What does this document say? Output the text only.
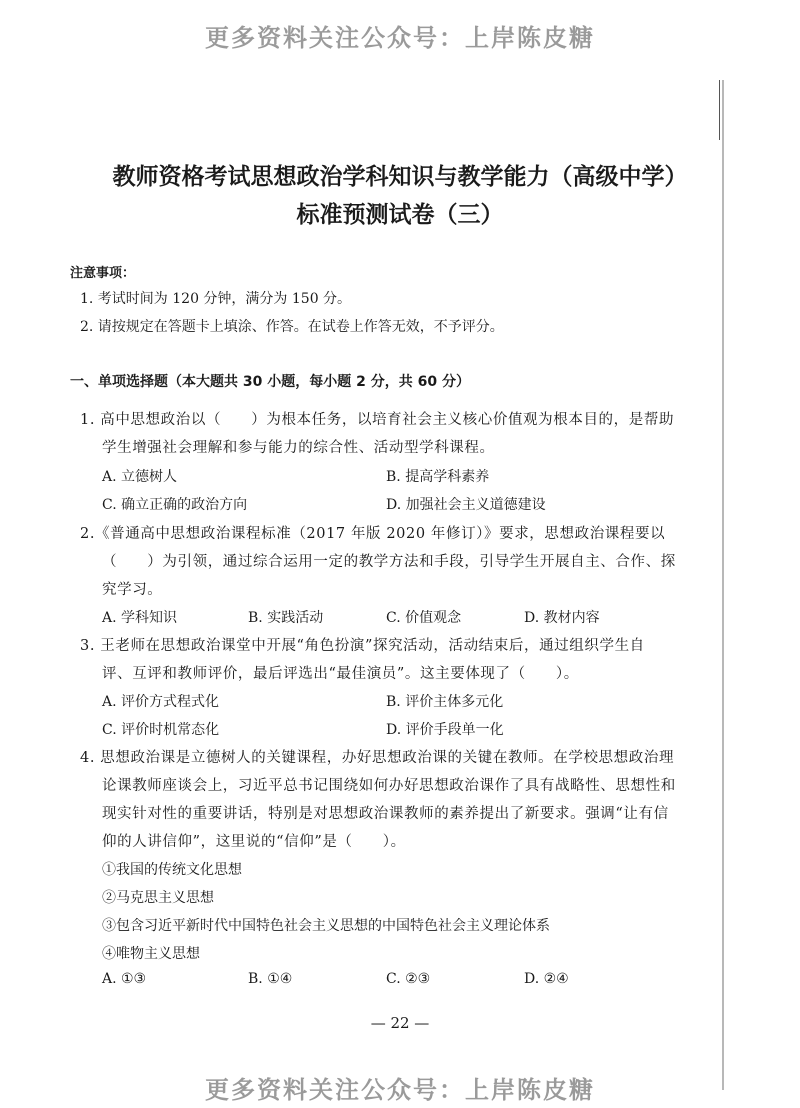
更多资料关注公众号：上岸陈皮糖
教师资格考试思想政治学科知识与教学能力（高级中学）
标准预测试卷（三）
注意事项：
1. 考试时间为 120 分钟，满分为 150 分。
2. 请按规定在答题卡上填涂、作答。在试卷上作答无效，不予评分。
一、单项选择题（本大题共 30 小题，每小题 2 分，共 60 分）
1. 高中思想政治以（　　）为根本任务，以培育社会主义核心价值观为根本目的，是帮助
学生增强社会理解和参与能力的综合性、活动型学科课程。
A. 立德树人	B. 提高学科素养
C. 确立正确的政治方向	D. 加强社会主义道德建设
2.《普通高中思想政治课程标准（2017 年版 2020 年修订）》要求，思想政治课程要以
（　　）为引领，通过综合运用一定的教学方法和手段，引导学生开展自主、合作、探
究学习。
A. 学科知识	B. 实践活动	C. 价值观念	D. 教材内容
3. 王老师在思想政治课堂中开展“角色扮演”探究活动，活动结束后，通过组织学生自
评、互评和教师评价，最后评选出“最佳演员”。这主要体现了（　　）。
A. 评价方式程式化	B. 评价主体多元化
C. 评价时机常态化	D. 评价手段单一化
4. 思想政治课是立德树人的关键课程，办好思想政治课的关键在教师。在学校思想政治理
论课教师座谈会上，习近平总书记围绕如何办好思想政治课作了具有战略性、思想性和
现实针对性的重要讲话，特别是对思想政治课教师的素养提出了新要求。强调“让有信
仰的人讲信仰”，这里说的“信仰”是（　　）。
①我国的传统文化思想
②马克思主义思想
③包含习近平新时代中国特色社会主义思想的中国特色社会主义理论体系
④唯物主义思想
A. ①③	B. ①④	C. ②③	D. ②④
— 22 —
更多资料关注公众号：上岸陈皮糖
